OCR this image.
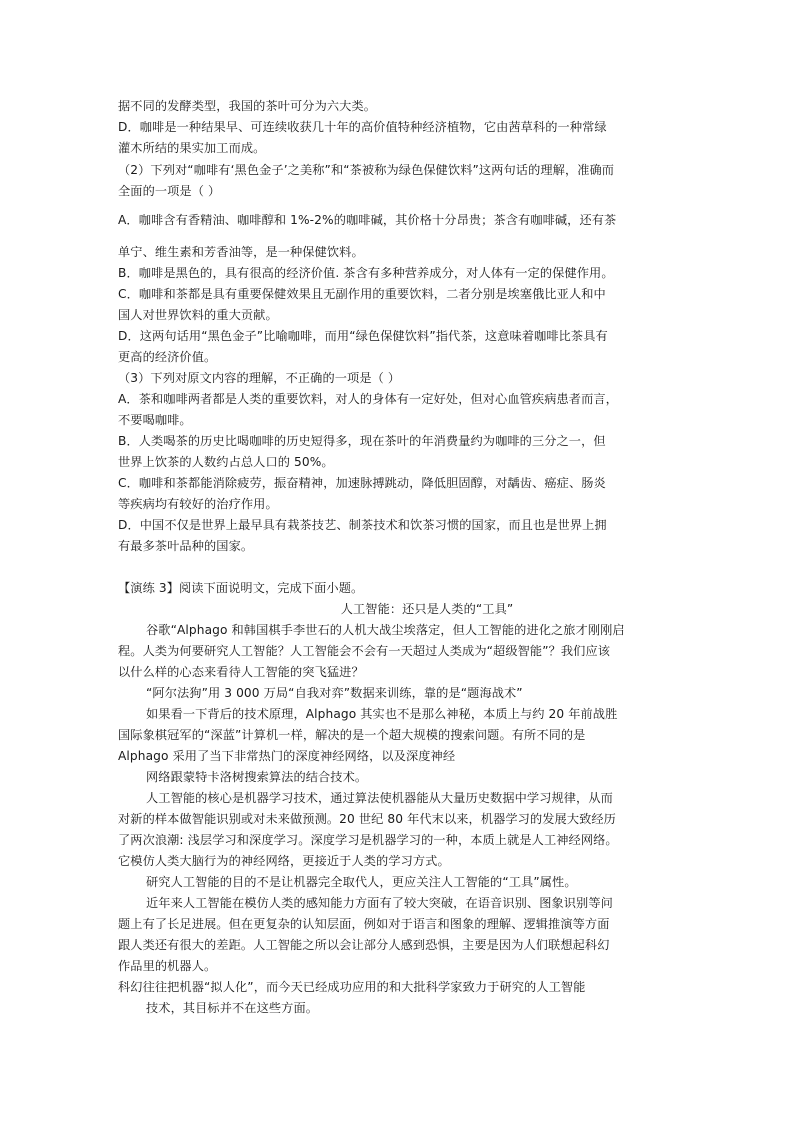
据不同的发酵类型，我国的茶叶可分为六大类。
D．咖啡是一种结果早、可连续收获几十年的高价值特种经济植物，它由茜草科的一种常绿
灌木所结的果实加工而成。
（2）下列对“咖啡有‘黑色金子’之美称”和“茶被称为绿色保健饮料”这两句话的理解，准确而
全面的一项是（ ）
A．咖啡含有香精油、咖啡醇和 1%-2%的咖啡碱，其价格十分昂贵；茶含有咖啡碱，还有茶
单宁、维生素和芳香油等，是一种保健饮料。
B．咖啡是黑色的，具有很高的经济价值. 茶含有多种营养成分，对人体有一定的保健作用。
C．咖啡和茶都是具有重要保健效果且无副作用的重要饮料，二者分别是埃塞俄比亚人和中
国人对世界饮料的重大贡献。
D．这两句话用“黑色金子”比喻咖啡，而用“绿色保健饮料”指代茶，这意味着咖啡比茶具有
更高的经济价值。
（3）下列对原文内容的理解，不正确的一项是（ ）
A．茶和咖啡两者都是人类的重要饮料，对人的身体有一定好处，但对心血管疾病患者而言，
不要喝咖啡。
B．人类喝茶的历史比喝咖啡的历史短得多，现在茶叶的年消费量约为咖啡的三分之一，但
世界上饮茶的人数约占总人口的 50%。
C．咖啡和茶都能消除疲劳，振奋精神，加速脉搏跳动，降低胆固醇，对龋齿、癌症、肠炎
等疾病均有较好的治疗作用。
D．中国不仅是世界上最早具有栽茶技艺、制茶技术和饮茶习惯的国家，而且也是世界上拥
有最多茶叶品种的国家。
【演练 3】阅读下面说明文，完成下面小题。
人工智能：还只是人类的“工具”
谷歌“Alphago 和韩国棋手李世石的人机大战尘埃落定，但人工智能的进化之旅才刚刚启
程。人类为何要研究人工智能？人工智能会不会有一天超过人类成为“超级智能”？我们应该
以什么样的心态来看待人工智能的突飞猛进？
“阿尔法狗”用 3 000 万局“自我对弈”数据来训练，靠的是“题海战术”
如果看一下背后的技术原理，Alphago 其实也不是那么神秘，本质上与约 20 年前战胜
国际象棋冠军的“深蓝”计算机一样，解决的是一个超大规模的搜索问题。有所不同的是
Alphago 采用了当下非常热门的深度神经网络，以及深度神经
网络跟蒙特卡洛树搜索算法的结合技术。
人工智能的核心是机器学习技术，通过算法使机器能从大量历史数据中学习规律，从而
对新的样本做智能识别或对未来做预测。20 世纪 80 年代末以来，机器学习的发展大致经历
了两次浪潮: 浅层学习和深度学习。深度学习是机器学习的一种，本质上就是人工神经网络。
它模仿人类大脑行为的神经网络，更接近于人类的学习方式。
研究人工智能的目的不是让机器完全取代人，更应关注人工智能的“工具”属性。
近年来人工智能在模仿人类的感知能力方面有了较大突破，在语音识别、图象识别等问
题上有了长足进展。但在更复杂的认知层面，例如对于语言和图象的理解、逻辑推演等方面
跟人类还有很大的差距。人工智能之所以会让部分人感到恐惧，主要是因为人们联想起科幻
作品里的机器人。
科幻往往把机器“拟人化”，而今天已经成功应用的和大批科学家致力于研究的人工智能
技术，其目标并不在这些方面。
